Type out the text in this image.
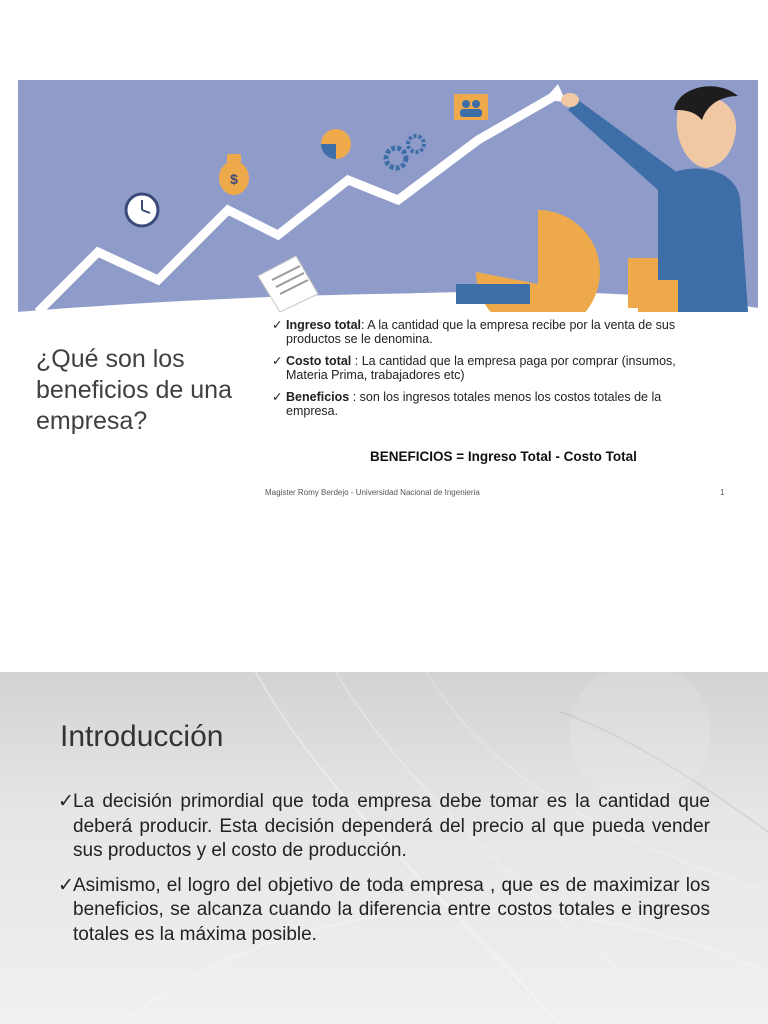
$
¿Qué son los beneficios de una empresa?
✓ Ingreso total: A la cantidad que la empresa recibe por la venta de sus productos se le denomina.
✓ Costo total : La cantidad que la empresa paga por comprar (insumos, Materia Prima, trabajadores etc)
✓ Beneficios : son los ingresos totales menos los costos totales de la empresa.
BENEFICIOS = Ingreso Total - Costo Total
Magister Romy Berdejo - Universidad Nacional de Ingenieria	1
Introducción
✓ La decisión primordial que toda empresa debe tomar es la cantidad que deberá producir. Esta decisión dependerá del precio al que pueda vender sus productos y el costo de producción.
✓ Asimismo, el logro del objetivo de toda empresa , que es de maximizar los beneficios, se alcanza cuando la diferencia entre costos totales e ingresos totales es la máxima posible.
